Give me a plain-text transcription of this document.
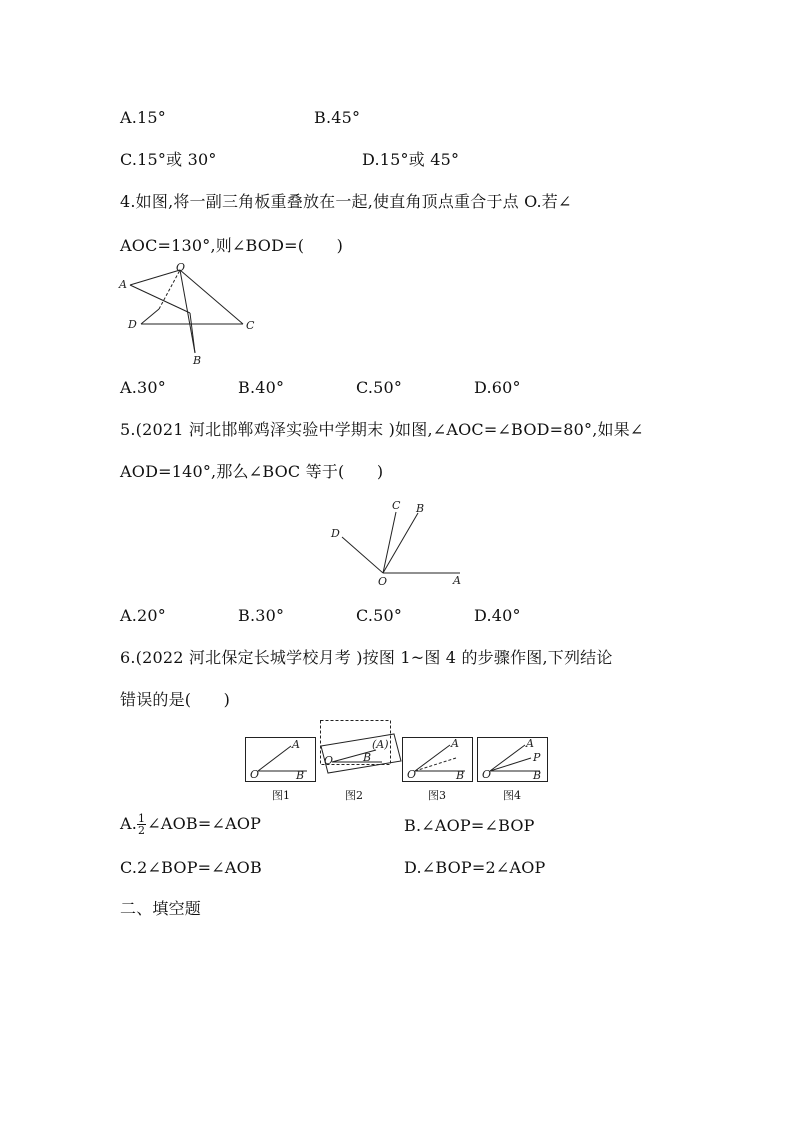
A.15°	B.45°
C.15°或 30°	D.15°或 45°
4.如图,将一副三角板重叠放在一起,使直角顶点重合于点 O.若∠
AOC=130°,则∠BOD=(　　)
O
A
D	C
B
A.30°	B.40°	C.50°	D.60°
5.(2021 河北邯郸鸡泽实验中学期末 )如图,∠AOC=∠BOD=80°,如果∠
AOD=140°,那么∠BOC 等于(　　)
D
C B
O	A
A.20°	B.30°	C.50°	D.40°
6.(2022 河北保定长城学校月考 )按图 1~图 4 的步骤作图,下列结论
错误的是(　　)
A
O	B
图1
(A)
O	B
图2
A
O	B
图3
A
P
O	B
图4
A. $\frac{1}{2}$ ∠AOB=∠AOP	B.∠AOP=∠BOP
C.2∠BOP=∠AOB	D.∠BOP=2∠AOP
二、填空题
